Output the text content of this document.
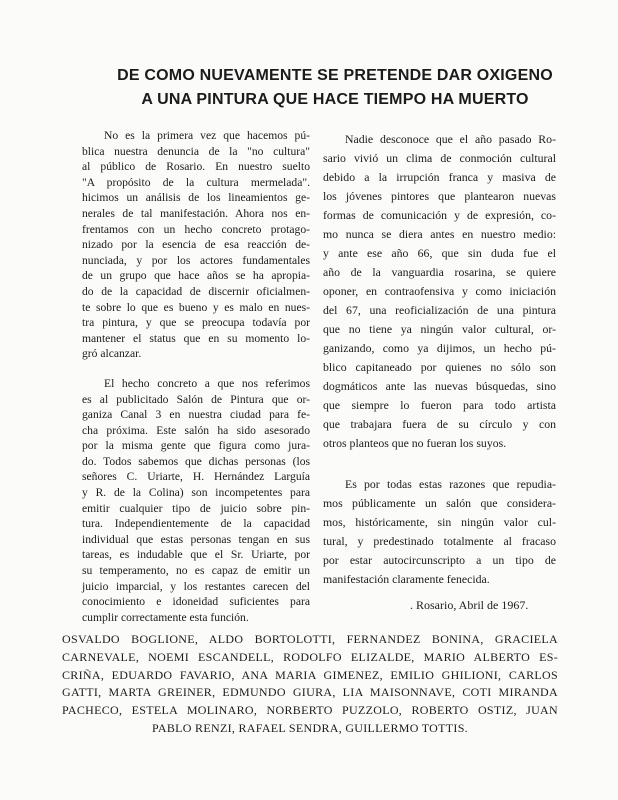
DE COMO NUEVAMENTE SE PRETENDE DAR OXIGENO
A UNA PINTURA QUE HACE TIEMPO HA MUERTO
No es la primera vez que hacemos pú-
blica nuestra denuncia de la "no cultura"
al público de Rosario. En nuestro suelto
"A propósito de la cultura mermelada".
hicimos un análisis de los lineamientos ge-
nerales de tal manifestación. Ahora nos en-
frentamos con un hecho concreto protago-
nizado por la esencia de esa reacción de-
nunciada, y por los actores fundamentales
de un grupo que hace años se ha apropia-
do de la capacidad de discernir oficialmen-
te sobre lo que es bueno y es malo en nues-
tra pintura, y que se preocupa todavía por
mantener el status que en su momento lo-
gró alcanzar.
El hecho concreto a que nos referimos
es al publicitado Salón de Pintura que or-
ganiza Canal 3 en nuestra ciudad para fe-
cha próxima. Este salón ha sido asesorado
por la misma gente que figura como jura-
do. Todos sabemos que dichas personas (los
señores C. Uriarte, H. Hernández Larguía
y R. de la Colina) son incompetentes para
emitir cualquier tipo de juicio sobre pin-
tura. Independientemente de la capacidad
individual que estas personas tengan en sus
tareas, es indudable que el Sr. Uriarte, por
su temperamento, no es capaz de emitir un
juicio imparcial, y los restantes carecen del
conocimiento e idoneidad suficientes para
cumplir correctamente esta función.
Nadie desconoce que el año pasado Ro-
sario vivió un clima de conmoción cultural
debido a la irrupción franca y masiva de
los jóvenes pintores que plantearon nuevas
formas de comunicación y de expresión, co-
mo nunca se diera antes en nuestro medio:
y ante ese año 66, que sin duda fue el
año de la vanguardia rosarina, se quiere
oponer, en contraofensiva y como iniciación
del 67, una reoficialización de una pintura
que no tiene ya ningún valor cultural, or-
ganizando, como ya dijimos, un hecho pú-
blico capitaneado por quienes no sólo son
dogmáticos ante las nuevas búsquedas, sino
que siempre lo fueron para todo artista
que trabajara fuera de su círculo y con
otros planteos que no fueran los suyos.
Es por todas estas razones que repudia-
mos públicamente un salón que considera-
mos, históricamente, sin ningún valor cul-
tural, y predestinado totalmente al fracaso
por estar autocircunscripto a un tipo de
manifestación claramente fenecida.
. Rosario, Abril de 1967.
OSVALDO BOGLIONE, ALDO BORTOLOTTI, FERNANDEZ BONINA, GRACIELA
CARNEVALE, NOEMI ESCANDELL, RODOLFO ELIZALDE, MARIO ALBERTO ES-
CRIÑA, EDUARDO FAVARIO, ANA MARIA GIMENEZ, EMILIO GHILIONI, CARLOS
GATTI, MARTA GREINER, EDMUNDO GIURA, LIA MAISONNAVE, COTI MIRANDA
PACHECO, ESTELA MOLINARO, NORBERTO PUZZOLO, ROBERTO OSTIZ, JUAN
PABLO RENZI, RAFAEL SENDRA, GUILLERMO TOTTIS.
